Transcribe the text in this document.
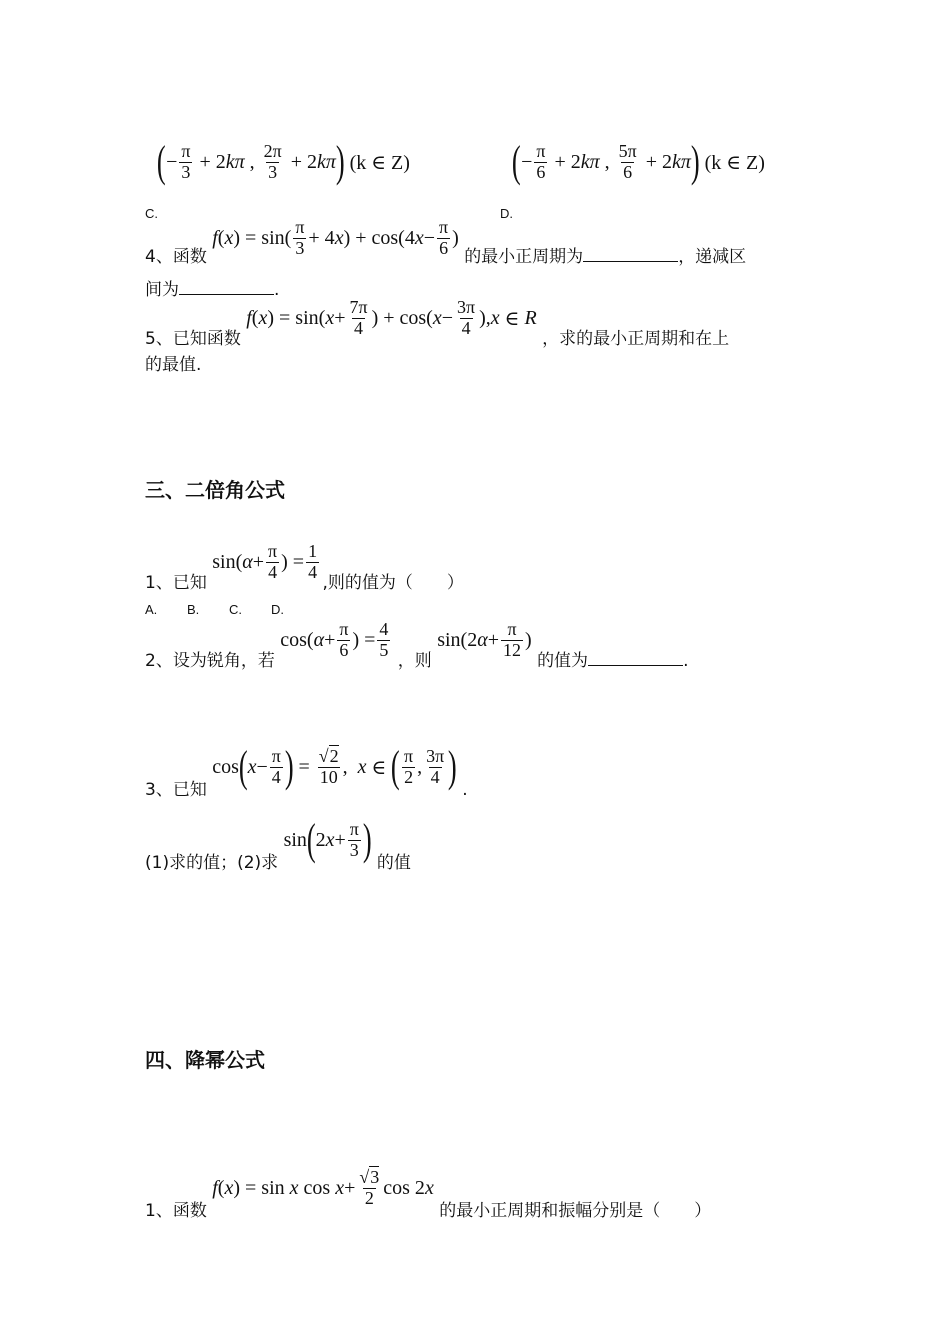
$_{C.}$
( − $\frac{\pi}{3} + 2$ kπ , $\frac{2\pi}{3} + 2$ kπ )
(k ∈ Z)
$_{D.}$
( − $\frac{\pi}{6} + 2$ kπ , $\frac{5\pi}{6} + 2$ kπ )
(k ∈ Z)
4、函数
f ( x ) = $\sin( \frac{\pi}{3} + 4$ x ) + cos(4 $x - \frac{\pi}{6}$ ) 的最小正周期为	，递减区
间为	.
5、已知函数
f ( x ) = sin( $x + \frac{7\pi}{4}$ ) + cos( $x - \frac{3\pi}{4}$ ), x ∈ R
，求的最小正周期和在上
的最值.
三、二倍角公式
1、已知 sin( $\alpha + \frac{\pi}{4}$ ) = $\frac{1}{4}$
,则的值为（　　）
A. B. C. D.
2、设为锐角，若 cos( $\alpha + \frac{\pi}{6}$ ) = $\frac{4}{5}$
，则 sin(2 $\alpha + \frac{\pi}{12}$ ) 的值为	.
3、已知 cos ( $x - \frac{\pi}{4}$ ) = $\frac{√2}{10}$ , x ∈ ( $\frac{\pi}{2}$ , $\frac{3\pi}{4}$ ) .
(1)求的值；(2)求 sin ( 2 $x + \frac{\pi}{3}$ ) 的值
四、降幂公式
1、函数
f ( x ) = sin x $\cos x + \frac{√3}{2}$ cos 2 x
的最小正周期和振幅分别是（　　）
